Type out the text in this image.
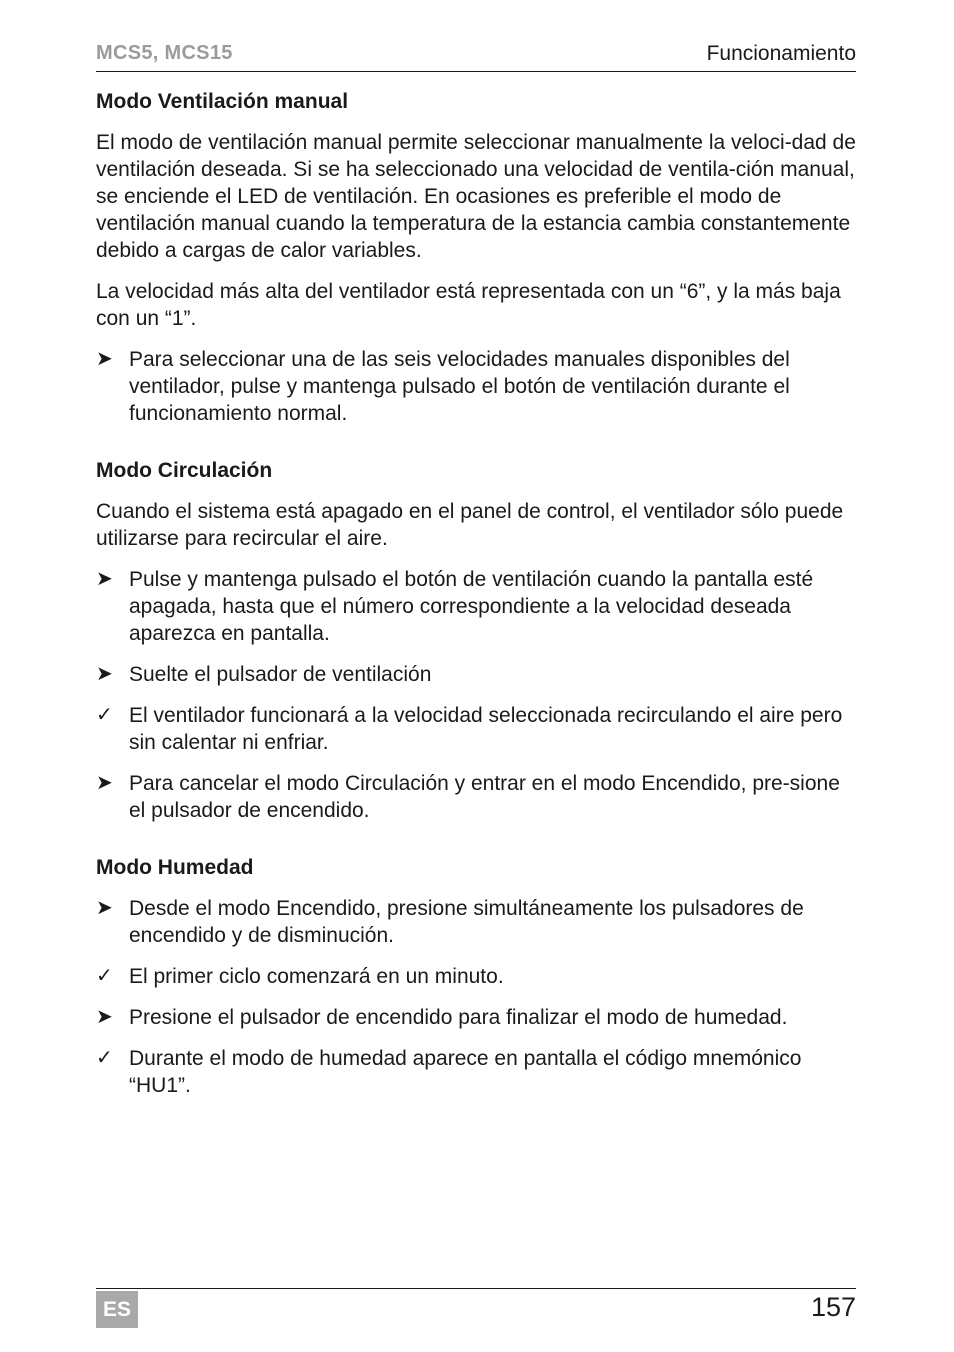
MCS5, MCS15	Funcionamiento
Modo Ventilación manual

El modo de ventilación manual permite seleccionar manualmente la veloci-dad de ventilación deseada. Si se ha seleccionado una velocidad de ventila-ción manual, se enciende el LED de ventilación. En ocasiones es preferible el modo de ventilación manual cuando la temperatura de la estancia cambia constantemente debido a cargas de calor variables.

La velocidad más alta del ventilador está representada con un “6”, y la más baja con un “1”.

➤ Para seleccionar una de las seis velocidades manuales disponibles del ventilador, pulse y mantenga pulsado el botón de ventilación durante el funcionamiento normal.
Modo Circulación

Cuando el sistema está apagado en el panel de control, el ventilador sólo puede utilizarse para recircular el aire.

➤ Pulse y mantenga pulsado el botón de ventilación cuando la pantalla esté apagada, hasta que el número correspondiente a la velocidad deseada aparezca en pantalla.
➤ Suelte el pulsador de ventilación
✓ El ventilador funcionará a la velocidad seleccionada recirculando el aire pero sin calentar ni enfriar.
➤ Para cancelar el modo Circulación y entrar en el modo Encendido, pre-sione el pulsador de encendido.
Modo Humedad
➤ Desde el modo Encendido, presione simultáneamente los pulsadores de encendido y de disminución.
✓ El primer ciclo comenzará en un minuto.
➤ Presione el pulsador de encendido para finalizar el modo de humedad.
✓ Durante el modo de humedad aparece en pantalla el código mnemónico “HU1”.
ES	157
